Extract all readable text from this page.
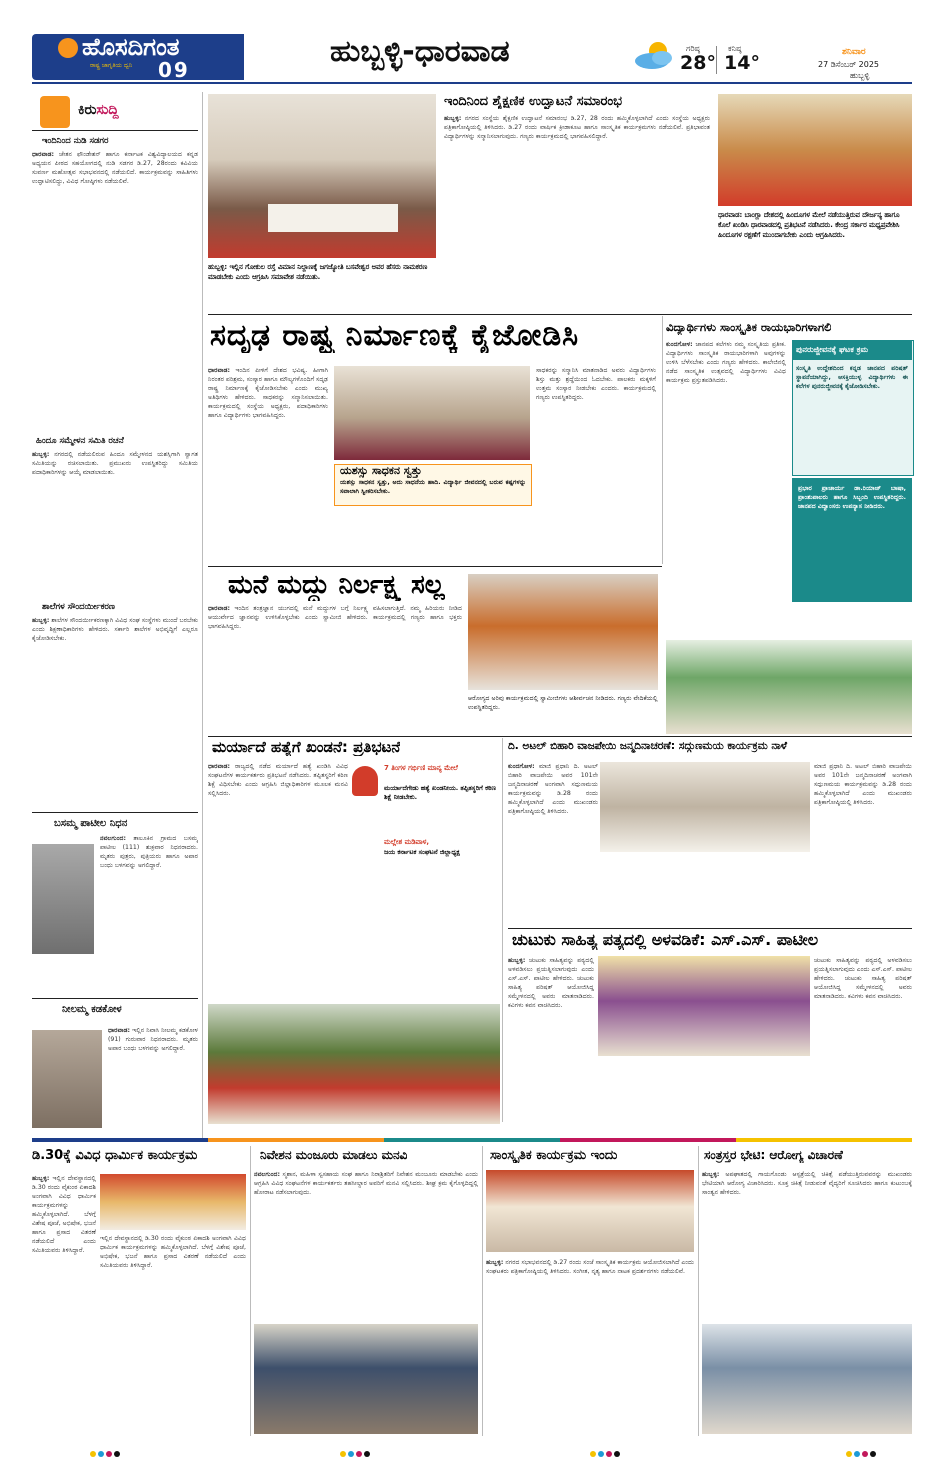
ಹೊಸದಿಗಂತ
ರಾಷ್ಟ್ರ ಜಾಗೃತಿಯ ದ್ವನಿ 09
ಹುಬ್ಬಳ್ಳಿ-ಧಾರವಾಡ	ಗರಿಷ್ಠ
28°
ಕನಿಷ್ಠ
14°	ಶನಿವಾರ
27 ಡಿಸೆಂಬರ್ 2025
ಹುಬ್ಬಳ್ಳಿ
ಕಿರುಸುದ್ದಿ
ಇಂದಿನಿಂದ ನುಡಿ ಸಡಗರ
ಧಾರವಾಡ: ಚೇತನ ಫೌಂಡೇಶನ್ ಹಾಗೂ ಕರ್ನಾಟಕ ವಿಶ್ವವಿದ್ಯಾಲಯದ ಕನ್ನಡ ಅಧ್ಯಯನ ಪೀಠದ ಸಹಯೋಗದಲ್ಲಿ ನುಡಿ ಸಡಗರ ಡಿ.27, 28ರಂದು ಕವಿವಿಯ ಸುವರ್ಣ ಮಹೋತ್ಸವ ಸಭಾಭವನದಲ್ಲಿ ನಡೆಯಲಿದೆ. ಕಾರ್ಯಕ್ರಮವನ್ನು ಸಾಹಿತಿಗಳು ಉದ್ಘಾಟಿಸಲಿದ್ದು, ವಿವಿಧ ಗೋಷ್ಠಿಗಳು ನಡೆಯಲಿವೆ.
ಹಿಂದೂ ಸಮ್ಮೇಳನ ಸಮಿತಿ ರಚನೆ
ಹುಬ್ಬಳ್ಳಿ: ನಗರದಲ್ಲಿ ನಡೆಯಲಿರುವ ಹಿಂದೂ ಸಮ್ಮೇಳನದ ಯಶಸ್ಸಿಗಾಗಿ ಸ್ವಾಗತ ಸಮಿತಿಯನ್ನು ರಚಿಸಲಾಯಿತು. ಪ್ರಮುಖರು ಉಪಸ್ಥಿತರಿದ್ದು ಸಮಿತಿಯ ಪದಾಧಿಕಾರಿಗಳನ್ನು ಆಯ್ಕೆ ಮಾಡಲಾಯಿತು.
ಶಾಲೆಗಳ ಸೌಂದರ್ಯೀಕರಣ
ಹುಬ್ಬಳ್ಳಿ: ಶಾಲೆಗಳ ಸೌಂದರ್ಯೀಕರಣಕ್ಕಾಗಿ ವಿವಿಧ ಸಂಘ ಸಂಸ್ಥೆಗಳು ಮುಂದೆ ಬರಬೇಕು ಎಂದು ಶಿಕ್ಷಣಾಧಿಕಾರಿಗಳು ಹೇಳಿದರು. ಸರ್ಕಾರಿ ಶಾಲೆಗಳ ಅಭಿವೃದ್ಧಿಗೆ ಎಲ್ಲರೂ ಕೈಜೋಡಿಸಬೇಕು.
ಬಸಮ್ಮ ಪಾಟೀಲ ನಿಧನ
ನವಲಗುಂದ: ತಾಲೂಕಿನ ಗ್ರಾಮದ ಬಸಮ್ಮ ಪಾಟೀಲ (111) ಶುಕ್ರವಾರ ನಿಧನರಾದರು. ಮೃತರು ಪುತ್ರರು, ಪುತ್ರಿಯರು ಹಾಗೂ ಅಪಾರ ಬಂಧು ಬಳಗವನ್ನು ಅಗಲಿದ್ದಾರೆ.
ನೀಲಮ್ಮ ಕಡಕೋಳ
ಧಾರವಾಡ: ಇಲ್ಲಿನ ನಿವಾಸಿ ನೀಲಮ್ಮ ಕಡಕೋಳ (91) ಗುರುವಾರ ನಿಧನರಾದರು. ಮೃತರು ಅಪಾರ ಬಂಧು ಬಳಗವನ್ನು ಅಗಲಿದ್ದಾರೆ.
ಹುಬ್ಬಳ್ಳಿ: ಇಲ್ಲಿನ ಗೋಕುಲ ರಸ್ತೆ ವಿಮಾನ ನಿಲ್ದಾಣಕ್ಕೆ ಜಗಜ್ಯೋತಿ ಬಸವೇಶ್ವರ ಅವರ ಹೆಸರು ನಾಮಕರಣ ಮಾಡಬೇಕು ಎಂದು ಆಗ್ರಹಿಸಿ ಸಮಾವೇಶ ನಡೆಯಿತು.
ಇಂದಿನಿಂದ ಶೈಕ್ಷಣಿಕ ಉದ್ಘಾಟನೆ ಸಮಾರಂಭ
ಹುಬ್ಬಳ್ಳಿ: ನಗರದ ಸಂಸ್ಥೆಯ ಶೈಕ್ಷಣಿಕ ಉದ್ಘಾಟನೆ ಸಮಾರಂಭ ಡಿ.27, 28 ರಂದು ಹಮ್ಮಿಕೊಳ್ಳಲಾಗಿದೆ ಎಂದು ಸಂಸ್ಥೆಯ ಅಧ್ಯಕ್ಷರು ಪತ್ರಿಕಾಗೋಷ್ಠಿಯಲ್ಲಿ ತಿಳಿಸಿದರು. ಡಿ.27 ರಂದು ವಾರ್ಷಿಕ ಕ್ರೀಡಾಕೂಟ ಹಾಗೂ ಸಾಂಸ್ಕೃತಿಕ ಕಾರ್ಯಕ್ರಮಗಳು ನಡೆಯಲಿವೆ. ಪ್ರತಿಭಾವಂತ ವಿದ್ಯಾರ್ಥಿಗಳನ್ನು ಸನ್ಮಾನಿಸಲಾಗುವುದು. ಗಣ್ಯರು ಕಾರ್ಯಕ್ರಮದಲ್ಲಿ ಭಾಗವಹಿಸಲಿದ್ದಾರೆ.
ಧಾರವಾಡ: ಬಾಂಗ್ಲಾ ದೇಶದಲ್ಲಿ ಹಿಂದೂಗಳ ಮೇಲೆ ನಡೆಯುತ್ತಿರುವ ದೌರ್ಜನ್ಯ ಹಾಗೂ ಕೊಲೆ ಖಂಡಿಸಿ ಧಾರವಾಡದಲ್ಲಿ ಪ್ರತಿಭಟನೆ ನಡೆಸಿದರು. ಕೇಂದ್ರ ಸರ್ಕಾರ ಮಧ್ಯಪ್ರವೇಶಿಸಿ ಹಿಂದೂಗಳ ರಕ್ಷಣೆಗೆ ಮುಂದಾಗಬೇಕು ಎಂದು ಆಗ್ರಹಿಸಿದರು.
ಸದೃಢ ರಾಷ್ಟ್ರ ನಿರ್ಮಾಣಕ್ಕೆ ಕೈಜೋಡಿಸಿ
ಧಾರವಾಡ: ಇಂದಿನ ಪೀಳಿಗೆ ದೇಶದ ಭವಿಷ್ಯ. ಹೀಗಾಗಿ ನಿರಂತರ ಪರಿಶ್ರಮ, ಸಂಸ್ಕಾರ ಹಾಗೂ ಮೌಲ್ಯಗಳೊಂದಿಗೆ ಸದೃಢ ರಾಷ್ಟ್ರ ನಿರ್ಮಾಣಕ್ಕೆ ಕೈಜೋಡಿಸಬೇಕು ಎಂದು ಮುಖ್ಯ ಅತಿಥಿಗಳು ಹೇಳಿದರು. ಸಾಧಕರನ್ನು ಸನ್ಮಾನಿಸಲಾಯಿತು. ಕಾರ್ಯಕ್ರಮದಲ್ಲಿ ಸಂಸ್ಥೆಯ ಅಧ್ಯಕ್ಷರು, ಪದಾಧಿಕಾರಿಗಳು ಹಾಗೂ ವಿದ್ಯಾರ್ಥಿಗಳು ಭಾಗವಹಿಸಿದ್ದರು.
ಯಶಸ್ಸು ಸಾಧಕನ ಸ್ವತ್ತು
ಯಶಸ್ಸು ಸಾಧಕನ ಸ್ವತ್ತು, ಅದು ಸಾಧನೆಯ ಹಾದಿ. ವಿದ್ಯಾರ್ಥಿ ಜೀವನದಲ್ಲಿ ಬರುವ ಕಷ್ಟಗಳನ್ನು ಸವಾಲಾಗಿ ಸ್ವೀಕರಿಸಬೇಕು.
ಸಾಧಕರನ್ನು ಸನ್ಮಾನಿಸಿ ಮಾತನಾಡಿದ ಅವರು ವಿದ್ಯಾರ್ಥಿಗಳು ಶಿಸ್ತು ಮತ್ತು ಶ್ರದ್ಧೆಯಿಂದ ಓದಬೇಕು. ಪಾಲಕರು ಮಕ್ಕಳಿಗೆ ಉತ್ತಮ ಸಂಸ್ಕಾರ ನೀಡಬೇಕು ಎಂದರು. ಕಾರ್ಯಕ್ರಮದಲ್ಲಿ ಗಣ್ಯರು ಉಪಸ್ಥಿತರಿದ್ದರು.
ವಿದ್ಯಾರ್ಥಿಗಳು ಸಾಂಸ್ಕೃತಿಕ ರಾಯಭಾರಿಗಳಾಗಲಿ
ಕುಂದಗೋಳ: ಜಾನಪದ ಕಲೆಗಳು ನಮ್ಮ ಸಂಸ್ಕೃತಿಯ ಪ್ರತೀಕ. ವಿದ್ಯಾರ್ಥಿಗಳು ಸಾಂಸ್ಕೃತಿಕ ರಾಯಭಾರಿಗಳಾಗಿ ಅವುಗಳನ್ನು ಉಳಿಸಿ ಬೆಳೆಸಬೇಕು ಎಂದು ಗಣ್ಯರು ಹೇಳಿದರು. ಕಾಲೇಜಿನಲ್ಲಿ ನಡೆದ ಸಾಂಸ್ಕೃತಿಕ ಉತ್ಸವದಲ್ಲಿ ವಿದ್ಯಾರ್ಥಿಗಳು ವಿವಿಧ ಕಾರ್ಯಕ್ರಮ ಪ್ರಸ್ತುತಪಡಿಸಿದರು.
ಪುನರುಜ್ಜೀವನಕ್ಕೆ ಘಟಕ ಕ್ರಮ
ಸಂಸ್ಕೃತಿ ಉದ್ದೇಶದಿಂದ ಕನ್ನಡ ಜಾನಪದ ಪರಿಷತ್ ಸ್ಥಾಪನೆಯಾಗಿದ್ದು, ಆಸಕ್ತಿಯುಳ್ಳ ವಿದ್ಯಾರ್ಥಿಗಳು ಈ ಕಲೆಗಳ ಪುನರುಜ್ಜೀವನಕ್ಕೆ ಕೈಜೋಡಿಸಬೇಕು.
ಪ್ರಭಾರ ಪ್ರಾಚಾರ್ಯ ಡಾ.ರಿಯಾಜ್ ಬಾಷಾ, ಪ್ರಾಂಶುಪಾಲರು ಹಾಗೂ ಸಿಬ್ಬಂದಿ ಉಪಸ್ಥಿತರಿದ್ದರು. ಜಾನಪದ ವಿದ್ವಾಂಸರು ಉಪನ್ಯಾಸ ನೀಡಿದರು.
ಮನೆ ಮದ್ದು ನಿರ್ಲಕ್ಷ್ಯ ಸಲ್ಲ
ಧಾರವಾಡ: ಇಂದಿನ ತಂತ್ರಜ್ಞಾನ ಯುಗದಲ್ಲಿ ಮನೆ ಮದ್ದುಗಳ ಬಗ್ಗೆ ನಿರ್ಲಕ್ಷ್ಯ ವಹಿಸಲಾಗುತ್ತಿದೆ. ನಮ್ಮ ಹಿರಿಯರು ನೀಡಿದ ಆಯುರ್ವೇದ ಜ್ಞಾನವನ್ನು ಉಳಿಸಿಕೊಳ್ಳಬೇಕು ಎಂದು ಸ್ವಾಮೀಜಿ ಹೇಳಿದರು. ಕಾರ್ಯಕ್ರಮದಲ್ಲಿ ಗಣ್ಯರು ಹಾಗೂ ಭಕ್ತರು ಭಾಗವಹಿಸಿದ್ದರು.
ಆರೋಗ್ಯದ ಅರಿವು ಕಾರ್ಯಕ್ರಮದಲ್ಲಿ ಸ್ವಾಮೀಜಿಗಳು ಆಶೀರ್ವಚನ ನೀಡಿದರು. ಗಣ್ಯರು ವೇದಿಕೆಯಲ್ಲಿ ಉಪಸ್ಥಿತರಿದ್ದರು.
ಮರ್ಯಾದೆ ಹತ್ಯೆಗೆ ಖಂಡನೆ: ಪ್ರತಿಭಟನೆ
ಧಾರವಾಡ: ರಾಜ್ಯದಲ್ಲಿ ನಡೆದ ಮರ್ಯಾದೆ ಹತ್ಯೆ ಖಂಡಿಸಿ ವಿವಿಧ ಸಂಘಟನೆಗಳ ಕಾರ್ಯಕರ್ತರು ಪ್ರತಿಭಟನೆ ನಡೆಸಿದರು. ತಪ್ಪಿತಸ್ಥರಿಗೆ ಕಠಿಣ ಶಿಕ್ಷೆ ವಿಧಿಸಬೇಕು ಎಂದು ಆಗ್ರಹಿಸಿ ಜಿಲ್ಲಾಧಿಕಾರಿಗಳ ಮೂಲಕ ಮನವಿ ಸಲ್ಲಿಸಿದರು.
7 ತಿಂಗಳ ಗರ್ಭಿಣಿ ಮಾನ್ಯ ಮೇಲೆ
ಮರ್ಯಾದೆಗೇಡು ಹತ್ಯೆ ಖಂಡನೀಯ. ತಪ್ಪಿತಸ್ಥರಿಗೆ ಕಠಿಣ ಶಿಕ್ಷೆ ನೀಡಬೇಕು.
ಮಲ್ಲೇಶ ಮಡಿವಾಳ,
ಜಯ ಕರ್ನಾಟಕ ಸಂಘಟನೆ ಜಿಲ್ಲಾಧ್ಯಕ್ಷ
ದಿ. ಅಟಲ್ ಬಿಹಾರಿ ವಾಜಪೇಯಿ ಜನ್ಮದಿನಾಚರಣೆ: ಸದ್ಗುಣಮಯ ಕಾರ್ಯಕ್ರಮ ನಾಳೆ
ಕುಂದಗೋಳ: ಮಾಜಿ ಪ್ರಧಾನಿ ದಿ. ಅಟಲ್ ಬಿಹಾರಿ ವಾಜಪೇಯಿ ಅವರ 101ನೇ ಜನ್ಮದಿನಾಚರಣೆ ಅಂಗವಾಗಿ ಸದ್ಗುಣಮಯ ಕಾರ್ಯಕ್ರಮವನ್ನು ಡಿ.28 ರಂದು ಹಮ್ಮಿಕೊಳ್ಳಲಾಗಿದೆ ಎಂದು ಮುಖಂಡರು ಪತ್ರಿಕಾಗೋಷ್ಠಿಯಲ್ಲಿ ತಿಳಿಸಿದರು.
ಮಾಜಿ ಪ್ರಧಾನಿ ದಿ. ಅಟಲ್ ಬಿಹಾರಿ ವಾಜಪೇಯಿ ಅವರ 101ನೇ ಜನ್ಮದಿನಾಚರಣೆ ಅಂಗವಾಗಿ ಸದ್ಗುಣಮಯ ಕಾರ್ಯಕ್ರಮವನ್ನು ಡಿ.28 ರಂದು ಹಮ್ಮಿಕೊಳ್ಳಲಾಗಿದೆ ಎಂದು ಮುಖಂಡರು ಪತ್ರಿಕಾಗೋಷ್ಠಿಯಲ್ಲಿ ತಿಳಿಸಿದರು.
ಚುಟುಕು ಸಾಹಿತ್ಯ ಪತ್ಯದಲ್ಲಿ ಅಳವಡಿಕೆ: ಎಸ್.ಎಸ್. ಪಾಟೀಲ
ಹುಬ್ಬಳ್ಳಿ: ಚುಟುಕು ಸಾಹಿತ್ಯವನ್ನು ಪಠ್ಯದಲ್ಲಿ ಅಳವಡಿಸಲು ಪ್ರಯತ್ನಿಸಲಾಗುವುದು ಎಂದು ಎಸ್.ಎಸ್. ಪಾಟೀಲ ಹೇಳಿದರು. ಚುಟುಕು ಸಾಹಿತ್ಯ ಪರಿಷತ್ ಆಯೋಜಿಸಿದ್ದ ಸಮ್ಮೇಳನದಲ್ಲಿ ಅವರು ಮಾತನಾಡಿದರು. ಕವಿಗಳು ಕವನ ವಾಚಿಸಿದರು.
ಚುಟುಕು ಸಾಹಿತ್ಯವನ್ನು ಪಠ್ಯದಲ್ಲಿ ಅಳವಡಿಸಲು ಪ್ರಯತ್ನಿಸಲಾಗುವುದು ಎಂದು ಎಸ್.ಎಸ್. ಪಾಟೀಲ ಹೇಳಿದರು. ಚುಟುಕು ಸಾಹಿತ್ಯ ಪರಿಷತ್ ಆಯೋಜಿಸಿದ್ದ ಸಮ್ಮೇಳನದಲ್ಲಿ ಅವರು ಮಾತನಾಡಿದರು. ಕವಿಗಳು ಕವನ ವಾಚಿಸಿದರು.
ಡಿ.30ಕ್ಕೆ ವಿವಿಧ ಧಾರ್ಮಿಕ ಕಾರ್ಯಕ್ರಮ
ಹುಬ್ಬಳ್ಳಿ: ಇಲ್ಲಿನ ದೇವಸ್ಥಾನದಲ್ಲಿ ಡಿ.30 ರಂದು ವೈಕುಂಠ ಏಕಾದಶಿ ಅಂಗವಾಗಿ ವಿವಿಧ ಧಾರ್ಮಿಕ ಕಾರ್ಯಕ್ರಮಗಳನ್ನು ಹಮ್ಮಿಕೊಳ್ಳಲಾಗಿದೆ. ಬೆಳಗ್ಗೆ ವಿಶೇಷ ಪೂಜೆ, ಅಭಿಷೇಕ, ಭಜನೆ ಹಾಗೂ ಪ್ರಸಾದ ವಿತರಣೆ ನಡೆಯಲಿದೆ ಎಂದು ಸಮಿತಿಯವರು ತಿಳಿಸಿದ್ದಾರೆ.
ಇಲ್ಲಿನ ದೇವಸ್ಥಾನದಲ್ಲಿ ಡಿ.30 ರಂದು ವೈಕುಂಠ ಏಕಾದಶಿ ಅಂಗವಾಗಿ ವಿವಿಧ ಧಾರ್ಮಿಕ ಕಾರ್ಯಕ್ರಮಗಳನ್ನು ಹಮ್ಮಿಕೊಳ್ಳಲಾಗಿದೆ. ಬೆಳಗ್ಗೆ ವಿಶೇಷ ಪೂಜೆ, ಅಭಿಷೇಕ, ಭಜನೆ ಹಾಗೂ ಪ್ರಸಾದ ವಿತರಣೆ ನಡೆಯಲಿದೆ ಎಂದು ಸಮಿತಿಯವರು ತಿಳಿಸಿದ್ದಾರೆ.
ನಿವೇಶನ ಮಂಜೂರು ಮಾಡಲು ಮನವಿ
ನವಲಗುಂದ: ಸ್ಮಶಾನ, ಮಹಿಳಾ ಸ್ವಸಹಾಯ ಸಂಘ ಹಾಗೂ ನಿರಾಶ್ರಿತರಿಗೆ ನಿವೇಶನ ಮಂಜೂರು ಮಾಡಬೇಕು ಎಂದು ಆಗ್ರಹಿಸಿ ವಿವಿಧ ಸಂಘಟನೆಗಳ ಕಾರ್ಯಕರ್ತರು ತಹಸೀಲ್ದಾರ ಅವರಿಗೆ ಮನವಿ ಸಲ್ಲಿಸಿದರು. ಶೀಘ್ರ ಕ್ರಮ ಕೈಗೊಳ್ಳದಿದ್ದಲ್ಲಿ ಹೋರಾಟ ನಡೆಸಲಾಗುವುದು.
ಸಾಂಸ್ಕೃತಿಕ ಕಾರ್ಯಕ್ರಮ ಇಂದು
ಹುಬ್ಬಳ್ಳಿ: ನಗರದ ಸಭಾಭವನದಲ್ಲಿ ಡಿ.27 ರಂದು ಸಂಜೆ ಸಾಂಸ್ಕೃತಿಕ ಕಾರ್ಯಕ್ರಮ ಆಯೋಜಿಸಲಾಗಿದೆ ಎಂದು ಸಂಘಟಕರು ಪತ್ರಿಕಾಗೋಷ್ಠಿಯಲ್ಲಿ ತಿಳಿಸಿದರು. ಸಂಗೀತ, ನೃತ್ಯ ಹಾಗೂ ನಾಟಕ ಪ್ರದರ್ಶನಗಳು ನಡೆಯಲಿವೆ.
ಸಂತ್ರಸ್ತರ ಭೇಟಿ: ಆರೋಗ್ಯ ವಿಚಾರಣೆ
ಹುಬ್ಬಳ್ಳಿ: ಅಪಘಾತದಲ್ಲಿ ಗಾಯಗೊಂಡು ಆಸ್ಪತ್ರೆಯಲ್ಲಿ ಚಿಕಿತ್ಸೆ ಪಡೆಯುತ್ತಿರುವವರನ್ನು ಮುಖಂಡರು ಭೇಟಿಯಾಗಿ ಆರೋಗ್ಯ ವಿಚಾರಿಸಿದರು. ಸೂಕ್ತ ಚಿಕಿತ್ಸೆ ನೀಡುವಂತೆ ವೈದ್ಯರಿಗೆ ಸೂಚಿಸಿದರು ಹಾಗೂ ಕುಟುಂಬಕ್ಕೆ ಸಾಂತ್ವನ ಹೇಳಿದರು.
